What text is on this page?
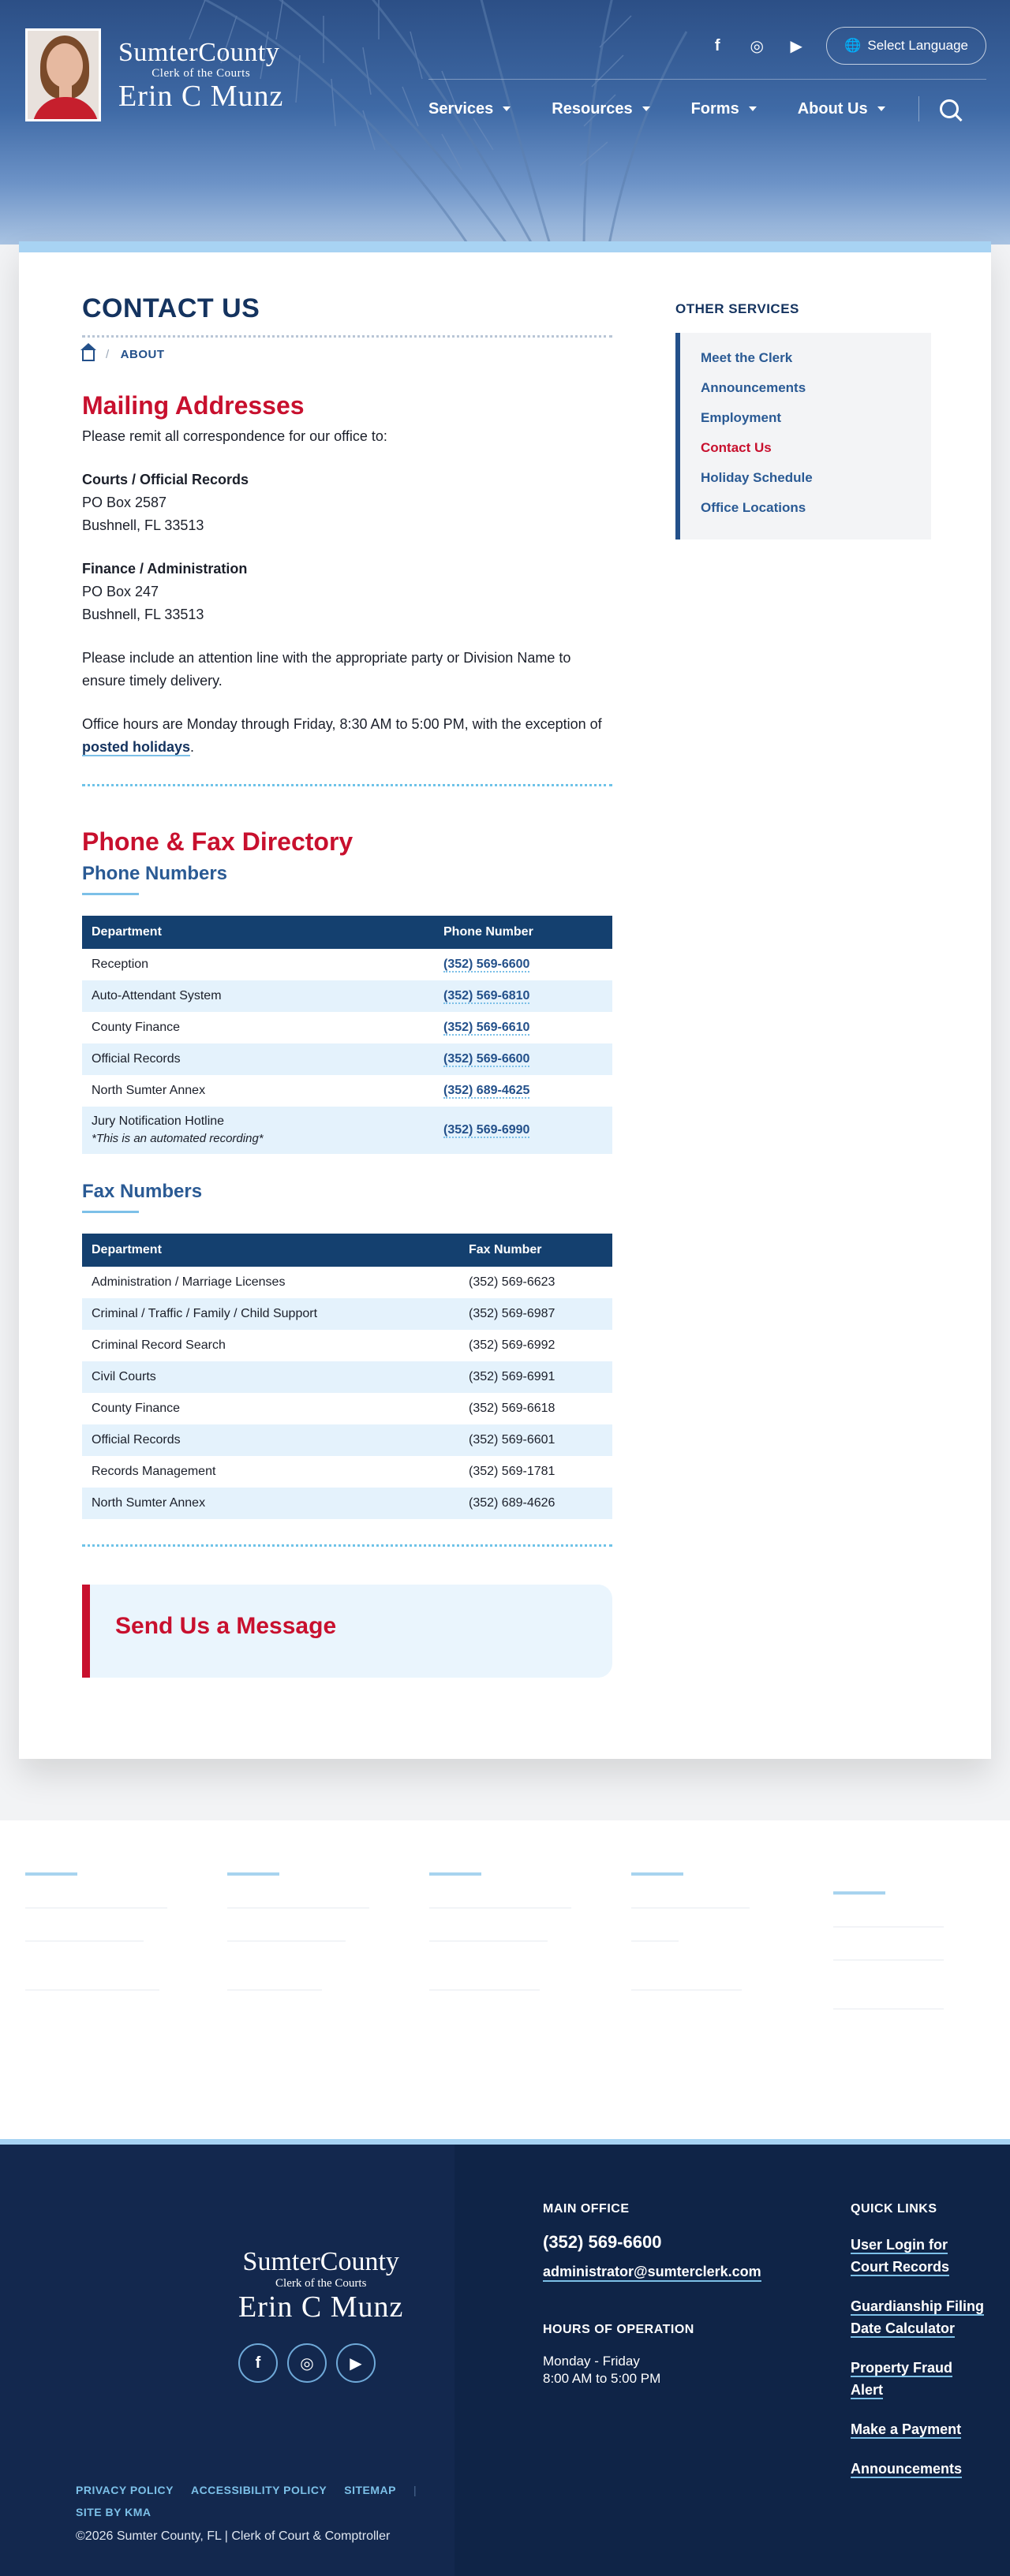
SumterCounty
Clerk of the Courts
Erin C Munz
f	◎ ▶	🌐 Select Language
Services	Resources	Forms	About Us
CONTACT US
/ ABOUT
Mailing Addresses

Please remit all correspondence for our office to:

Courts / Official Records
PO Box 2587
Bushnell, FL 33513
Finance / Administration
PO Box 247
Bushnell, FL 33513

Please include an attention line with the appropriate party or Division Name to ensure timely delivery.

Office hours are Monday through Friday, 8:30 AM to 5:00 PM, with the exception of posted holidays.

Phone & Fax Directory
Phone Numbers
Department	Phone Number
Reception	(352) 569-6600
Auto-Attendant System	(352) 569-6810
County Finance	(352) 569-6610
Official Records	(352) 569-6600
North Sumter Annex	(352) 689-4625
Jury Notification Hotline
*This is an automated recording*	(352) 569-6990
Fax Numbers
Department	Fax Number
Administration / Marriage Licenses	(352) 569-6623
Criminal / Traffic / Family / Child Support	(352) 569-6987
Criminal Record Search	(352) 569-6992
Civil Courts	(352) 569-6991
County Finance	(352) 569-6618
Official Records	(352) 569-6601
Records Management	(352) 569-1781
North Sumter Annex	(352) 689-4626
Send Us a Message
OTHER SERVICES
Meet the Clerk
Announcements
Employment
Contact Us
Holiday Schedule
Office Locations
SumterCounty
Clerk of the Courts
Erin C Munz
f	◎	▶
PRIVACY POLICY ACCESSIBILITY POLICY SITEMAP |
SITE BY KMA
©2026 Sumter County, FL | Clerk of Court & Comptroller
MAIN OFFICE
(352) 569-6600
administrator@sumterclerk.com
HOURS OF OPERATION
Monday - Friday
8:00 AM to 5:00 PM
QUICK LINKS
User Login for Court Records
Guardianship Filing Date Calculator
Property Fraud Alert
Make a Payment
Announcements
